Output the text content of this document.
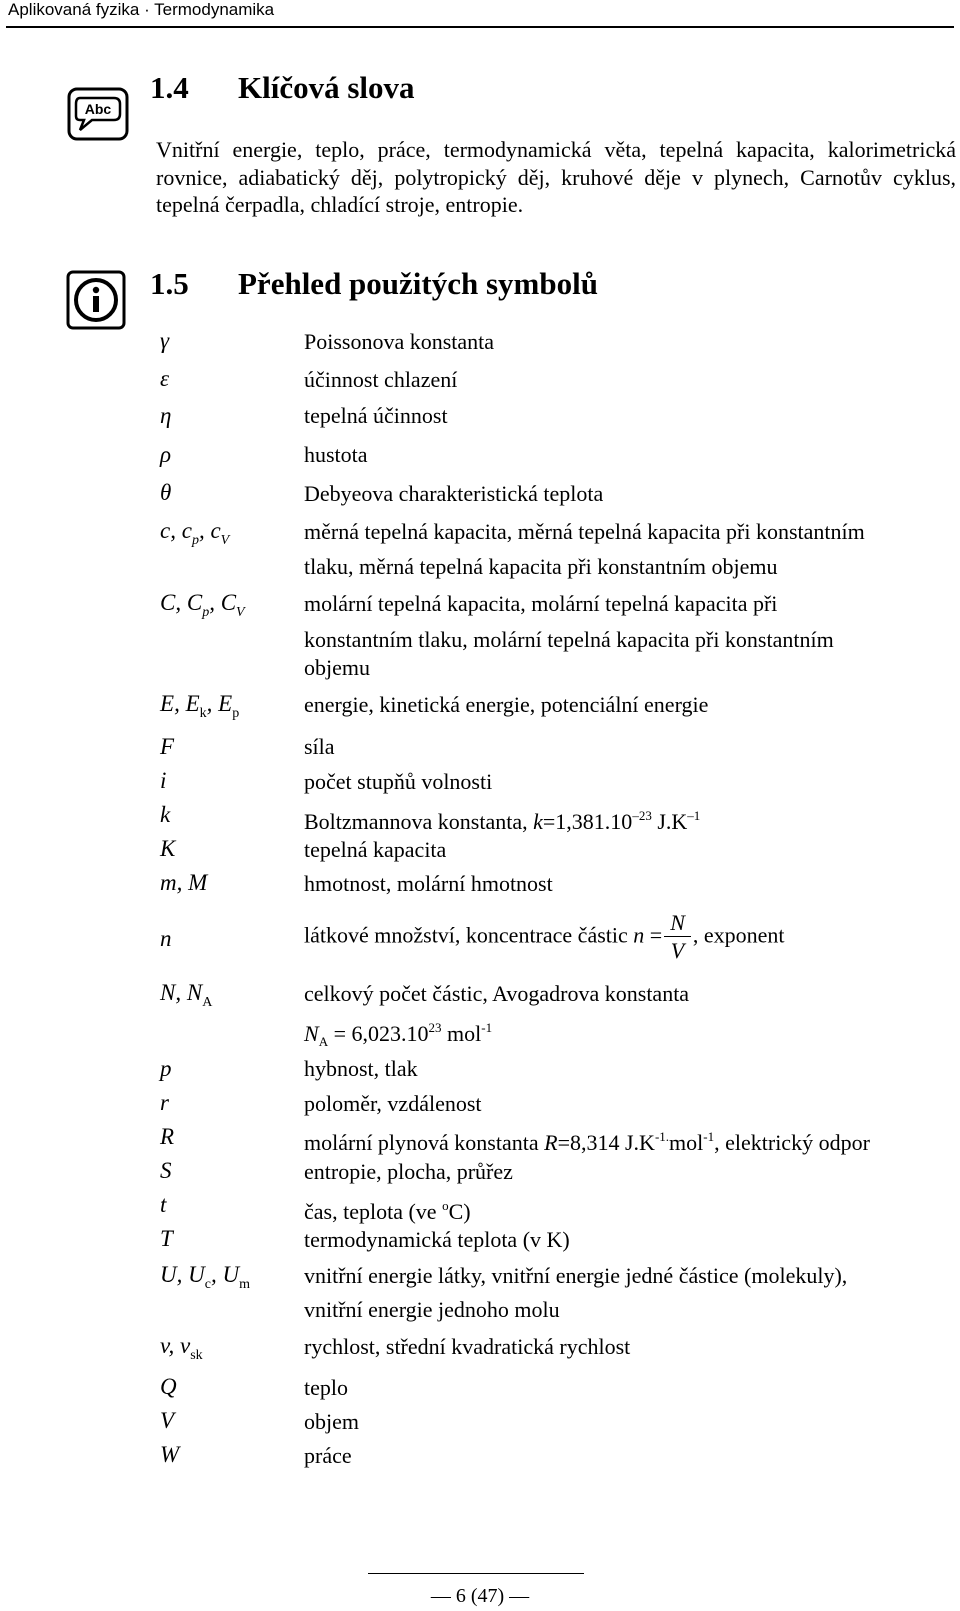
Aplikovaná fyzika · Termodynamika
Abc
1.4 Klíčová slova
Vnitřní energie, teplo, práce, termodynamická věta, tepelná kapacita, kalorimetrická rovnice, adiabatický děj, polytropický děj, kruhové děje v plynech, Carnotův cyklus, tepelná čerpadla, chladící stroje, entropie.
1.5 Přehled použitých symbolů
γ	Poissonova konstanta
ε	účinnost chlazení
η	tepelná účinnost
ρ	hustota
θ	Debyeova charakteristická teplota
c, $c_p$, $c_V$	měrná tepelná kapacita, měrná tepelná kapacita při konstantním
tlaku, měrná tepelná kapacita při konstantním objemu
C, $C_p$, $C_V$	molární tepelná kapacita, molární tepelná kapacita při
konstantním tlaku, molární tepelná kapacita při konstantním
objemu
E, $E_k$, $E_p$	energie, kinetická energie, potenciální energie
F	síla
i	počet stupňů volnosti
k	Boltzmannova konstanta, $k=1,381.10^{-23}$ $J.K^{-1}$
K	tepelná kapacita
m, M	hmotnost, molární hmotnost
n	látkové množství, koncentrace částic $n = \frac{N}{V}$ , exponent
N, $N_A$	celkový počet částic, Avogadrova konstanta
$N_A = 6,023.10^{23}$ mol$^{-1}$
p	hybnost, tlak
r	poloměr, vzdálenost
R	molární plynová konstanta R=8,314 $J.K^{-1.}mol^{-1}$, elektrický odpor
S	entropie, plocha, průřez
t	čas, teplota (ve $^o$C)
T	termodynamická teplota (v K)
U, $U_c$, $U_m$ vnitřní energie látky, vnitřní energie jedné částice (molekuly),
vnitřní energie jednoho molu
v, $v_{sk}$	rychlost, střední kvadratická rychlost
Q	teplo
V	objem
W	práce
— 6 (47) —
